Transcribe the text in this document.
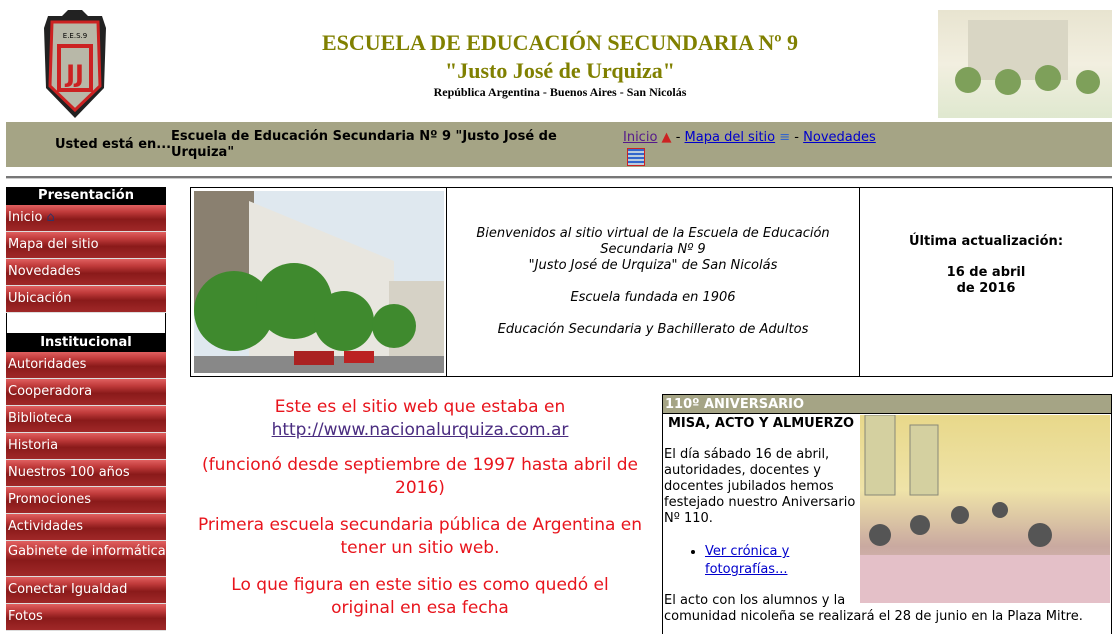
E.E.S.9
JJ
ESCUELA DE EDUCACIÓN SECUNDARIA Nº 9
"Justo José de Urquiza"
República Argentina - Buenos Aires - San Nicolás
Usted está en...
Escuela de Educación Secundaria Nº 9 "Justo José de Urquiza"
Inicio ▲ - Mapa del sitio ≡ - Novedades
Presentación
Inicio ⌂
Mapa del sitio
Novedades
Ubicación
Institucional
Autoridades
Cooperadora
Biblioteca
Historia
Nuestros 100 años
Promociones
Actividades
Gabinete de informática
Conectar Igualdad
Fotos
Bienvenidos al sitio virtual de la Escuela de Educación Secundaria Nº 9
"Justo José de Urquiza" de San Nicolás
Escuela fundada en 1906
Educación Secundaria y Bachillerato de Adultos
Última actualización:
16 de abril de 2016
Este es el sitio web que estaba en http://www.nacionalurquiza.com.ar
(funcionó desde septiembre de 1997 hasta abril de 2016)
Primera escuela secundaria pública de Argentina en tener un sitio web.
Lo que figura en este sitio es como quedó el original en esa fecha
110º ANIVERSARIO
MISA, ACTO Y ALMUERZO
El día sábado 16 de abril, autoridades, docentes y docentes jubilados hemos festejado nuestro Aniversario Nº 110.
• Ver crónica y fotografías...
El acto con los alumnos y la comunidad nicoleña se realizará el 28 de junio en la Plaza Mitre.
